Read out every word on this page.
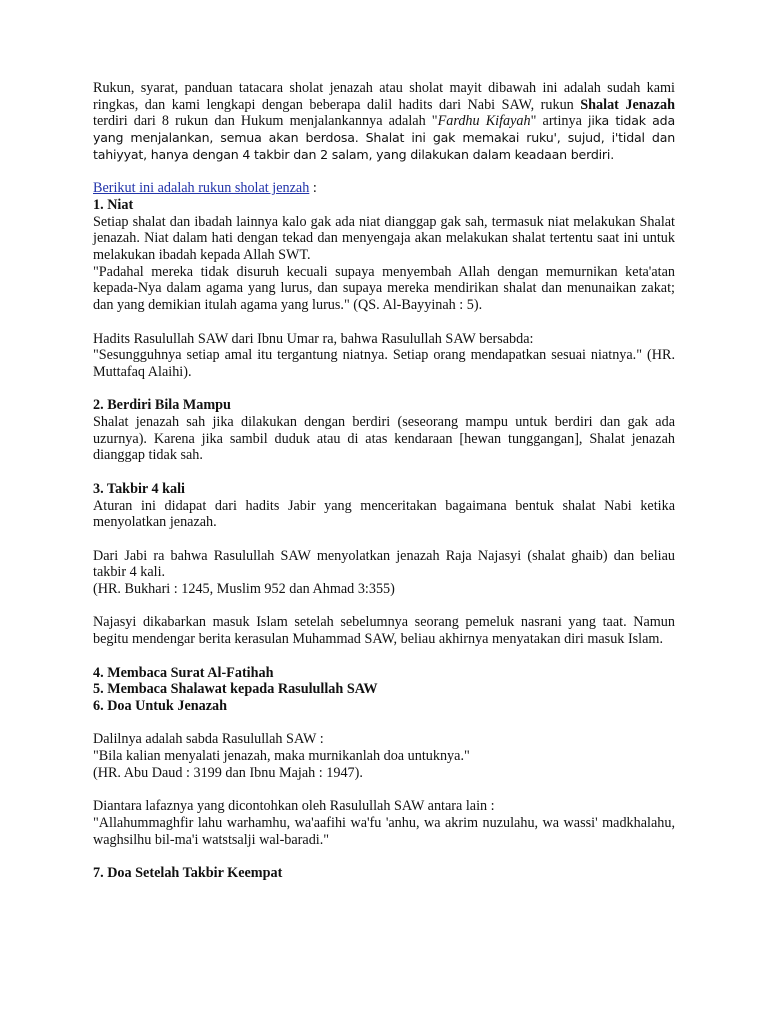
Rukun, syarat, panduan tatacara sholat jenazah atau sholat mayit dibawah ini adalah sudah kami ringkas, dan kami lengkapi dengan beberapa dalil hadits dari Nabi SAW, rukun Shalat Jenazah terdiri dari 8 rukun dan Hukum menjalankannya adalah "Fardhu Kifayah" artinya jika tidak ada yang menjalankan, semua akan berdosa. Shalat ini gak memakai ruku', sujud, i'tidal dan tahiyyat, hanya dengan 4 takbir dan 2 salam, yang dilakukan dalam keadaan berdiri.

Berikut ini adalah rukun sholat jenzah :

1. Niat

Setiap shalat dan ibadah lainnya kalo gak ada niat dianggap gak sah, termasuk niat melakukan Shalat jenazah. Niat dalam hati dengan tekad dan menyengaja akan melakukan shalat tertentu saat ini untuk melakukan ibadah kepada Allah SWT.

"Padahal mereka tidak disuruh kecuali supaya menyembah Allah dengan memurnikan keta'atan kepada-Nya dalam agama yang lurus, dan supaya mereka mendirikan shalat dan menunaikan zakat; dan yang demikian itulah agama yang lurus." (QS. Al-Bayyinah : 5).

Hadits Rasulullah SAW dari Ibnu Umar ra, bahwa Rasulullah SAW bersabda:

"Sesungguhnya setiap amal itu tergantung niatnya. Setiap orang mendapatkan sesuai niatnya." (HR. Muttafaq Alaihi).

2. Berdiri Bila Mampu

Shalat jenazah sah jika dilakukan dengan berdiri (seseorang mampu untuk berdiri dan gak ada uzurnya). Karena jika sambil duduk atau di atas kendaraan [hewan tunggangan], Shalat jenazah dianggap tidak sah.

3. Takbir 4 kali

Aturan ini didapat dari hadits Jabir yang menceritakan bagaimana bentuk shalat Nabi ketika menyolatkan jenazah.

Dari Jabi ra bahwa Rasulullah SAW menyolatkan jenazah Raja Najasyi (shalat ghaib) dan beliau takbir 4 kali.

(HR. Bukhari : 1245, Muslim 952 dan Ahmad 3:355)

Najasyi dikabarkan masuk Islam setelah sebelumnya seorang pemeluk nasrani yang taat. Namun begitu mendengar berita kerasulan Muhammad SAW, beliau akhirnya menyatakan diri masuk Islam.

4. Membaca Surat Al-Fatihah

5. Membaca Shalawat kepada Rasulullah SAW

6. Doa Untuk Jenazah

Dalilnya adalah sabda Rasulullah SAW :

"Bila kalian menyalati jenazah, maka murnikanlah doa untuknya."

(HR. Abu Daud : 3199 dan Ibnu Majah : 1947).

Diantara lafaznya yang dicontohkan oleh Rasulullah SAW antara lain :

"Allahummaghfir lahu warhamhu, wa'aafihi wa'fu 'anhu, wa akrim nuzulahu, wa wassi' madkhalahu, waghsilhu bil-ma'i watstsalji wal-baradi."

7. Doa Setelah Takbir Keempat
